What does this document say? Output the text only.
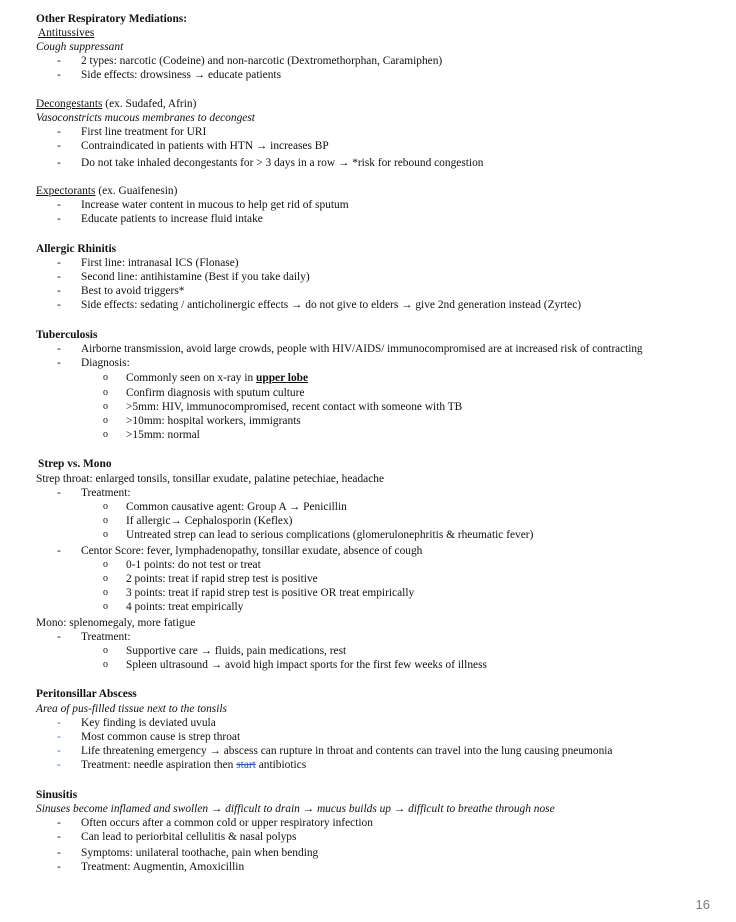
Other Respiratory Mediations:
Antitussives
Cough suppressant
- 2 types: narcotic (Codeine) and non-narcotic (Dextromethorphan, Caramiphen)
- Side effects: drowsiness → educate patients
Decongestants (ex. Sudafed, Afrin)
Vasoconstricts mucous membranes to decongest
- First line treatment for URI
- Contraindicated in patients with HTN → increases BP
- Do not take inhaled decongestants for > 3 days in a row → *risk for rebound congestion
Expectorants (ex. Guaifenesin)
- Increase water content in mucous to help get rid of sputum
- Educate patients to increase fluid intake
Allergic Rhinitis
- First line: intranasal ICS (Flonase)
- Second line: antihistamine (Best if you take daily)
- Best to avoid triggers*
- Side effects: sedating / anticholinergic effects → do not give to elders → give 2nd generation instead (Zyrtec)
Tuberculosis
- Airborne transmission, avoid large crowds, people with HIV/AIDS/ immunocompromised are at increased risk of contracting
- Diagnosis:
o Commonly seen on x-ray in upper lobe
o Confirm diagnosis with sputum culture
o >5mm: HIV, immunocompromised, recent contact with someone with TB
o >10mm: hospital workers, immigrants
o >15mm: normal
Strep vs. Mono
Strep throat: enlarged tonsils, tonsillar exudate, palatine petechiae, headache
- Treatment:
o Common causative agent: Group A → Penicillin
o If allergic→ Cephalosporin (Keflex)
o Untreated strep can lead to serious complications (glomerulonephritis & rheumatic fever)
- Centor Score: fever, lymphadenopathy, tonsillar exudate, absence of cough
o 0-1 points: do not test or treat
o 2 points: treat if rapid strep test is positive
o 3 points: treat if rapid strep test is positive OR treat empirically
o 4 points: treat empirically
Mono: splenomegaly, more fatigue
- Treatment:
o Supportive care → fluids, pain medications, rest
o Spleen ultrasound → avoid high impact sports for the first few weeks of illness
Peritonsillar Abscess
Area of pus-filled tissue next to the tonsils
- Key finding is deviated uvula
- Most common cause is strep throat
- Life threatening emergency → abscess can rupture in throat and contents can travel into the lung causing pneumonia
- Treatment: needle aspiration then start antibiotics
Sinusitis
Sinuses become inflamed and swollen → difficult to drain → mucus builds up → difficult to breathe through nose
- Often occurs after a common cold or upper respiratory infection
- Can lead to periorbital cellulitis & nasal polyps
- Symptoms: unilateral toothache, pain when bending
- Treatment: Augmentin, Amoxicillin
16
